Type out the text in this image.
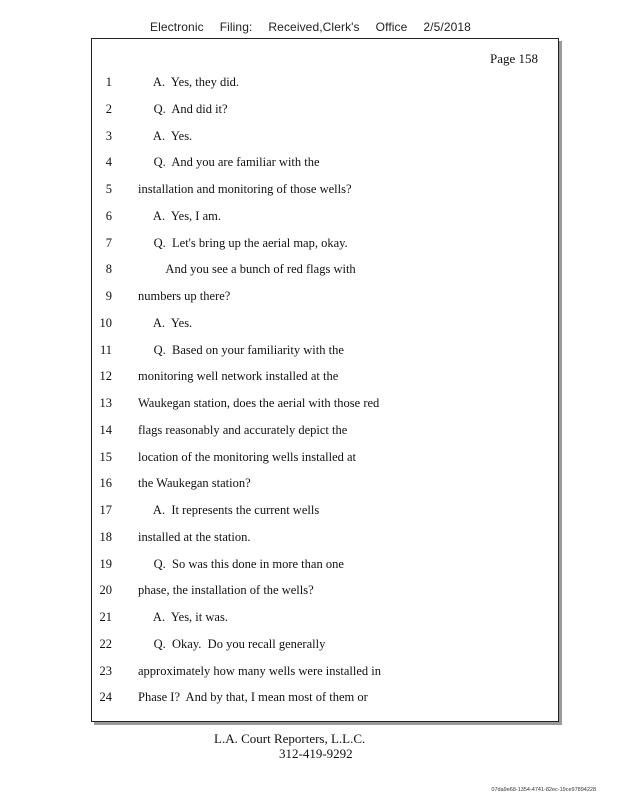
Electronic Filing: Received,Clerk's Office 2/5/2018
Page 158
1 A.  Yes, they did.
2 Q.  And did it?
3 A.  Yes.
4 Q.  And you are familiar with the
5 installation and monitoring of those wells?
6 A.  Yes, I am.
7 Q.  Let's bring up the aerial map, okay.
8 And you see a bunch of red flags with
9 numbers up there?
10 A.  Yes.
11 Q.  Based on your familiarity with the
12 monitoring well network installed at the
13 Waukegan station, does the aerial with those red
14 flags reasonably and accurately depict the
15 location of the monitoring wells installed at
16 the Waukegan station?
17 A.  It represents the current wells
18 installed at the station.
19 Q.  So was this done in more than one
20 phase, the installation of the wells?
21 A.  Yes, it was.
22 Q.  Okay.  Do you recall generally
23 approximately how many wells were installed in
24 Phase I?  And by that, I mean most of them or
L.A. Court Reporters, L.L.C.
312-419-9292
07da9e68-1354-4741-82ec-19ce97894228
